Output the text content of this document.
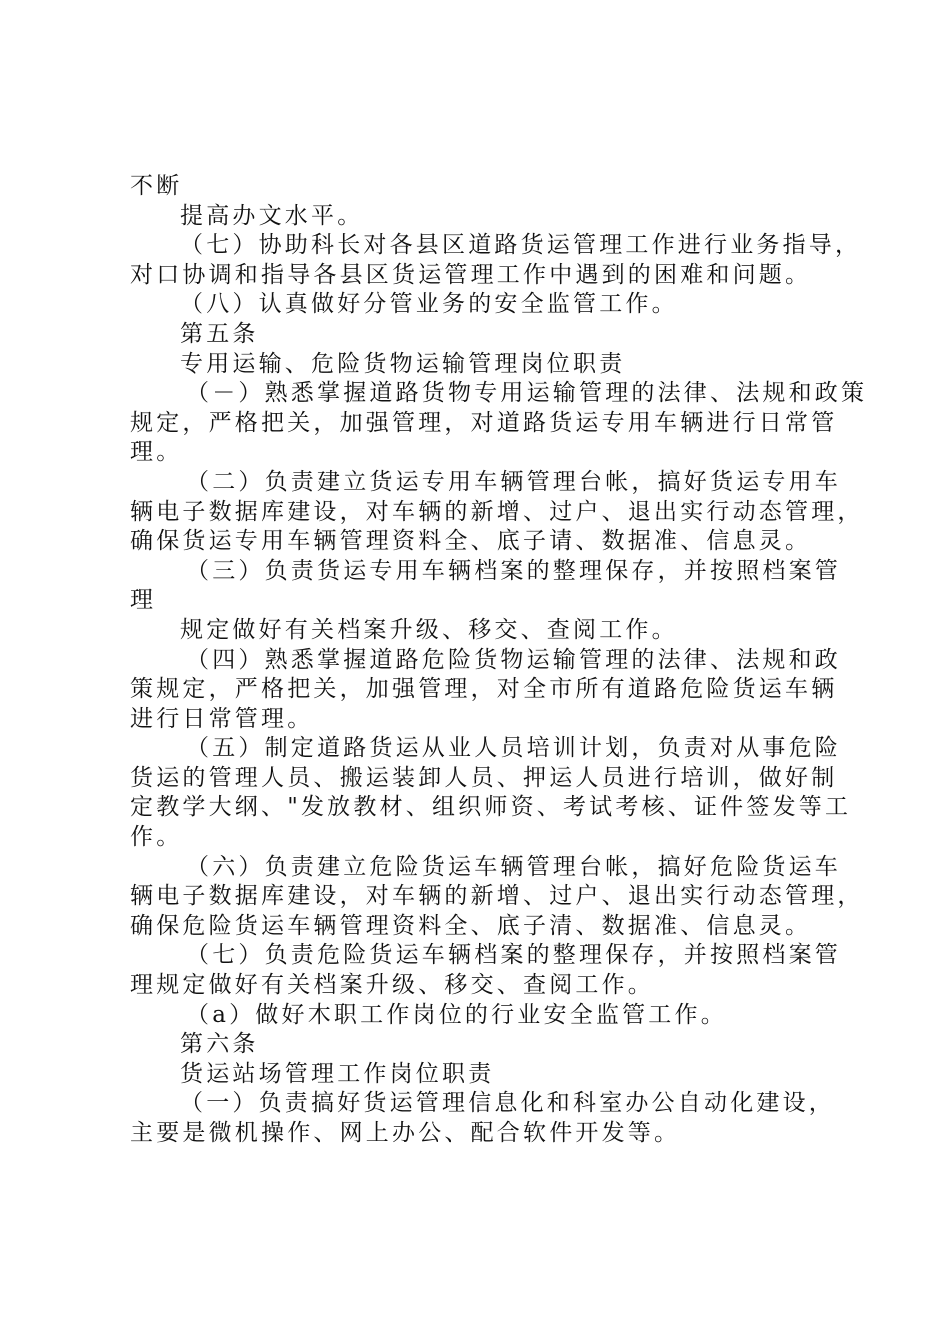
不断
提高办文水平。
（七）协助科长对各县区道路货运管理工作进行业务指导，
对口协调和指导各县区货运管理工作中遇到的困难和问题。
（八）认真做好分管业务的安全监管工作。
第五条
专用运输、危险货物运输管理岗位职责
（－）熟悉掌握道路货物专用运输管理的法律、法规和政策
规定，严格把关，加强管理，对道路货运专用车辆进行日常管
理。
（二）负责建立货运专用车辆管理台帐，搞好货运专用车
辆电子数据库建设，对车辆的新增、过户、退出实行动态管理，
确保货运专用车辆管理资料全、底子请、数据准、信息灵。
（三）负责货运专用车辆档案的整理保存，并按照档案管
理
规定做好有关档案升级、移交、查阅工作。
（四）熟悉掌握道路危险货物运输管理的法律、法规和政
策规定，严格把关，加强管理，对全市所有道路危险货运车辆
进行日常管理。
（五）制定道路货运从业人员培训计划，负责对从事危险
货运的管理人员、搬运装卸人员、押运人员进行培训，做好制
定教学大纲、"发放教材、组织师资、考试考核、证件签发等工
作。
（六）负责建立危险货运车辆管理台帐，搞好危险货运车
辆电子数据库建设，对车辆的新增、过户、退出实行动态管理，
确保危险货运车辆管理资料全、底子清、数据准、信息灵。
（七）负责危险货运车辆档案的整理保存，并按照档案管
理规定做好有关档案升级、移交、查阅工作。
（a）做好木职工作岗位的行业安全监管工作。
第六条
货运站场管理工作岗位职责
（一）负责搞好货运管理信息化和科室办公自动化建设，
主要是微机操作、网上办公、配合软件开发等。
